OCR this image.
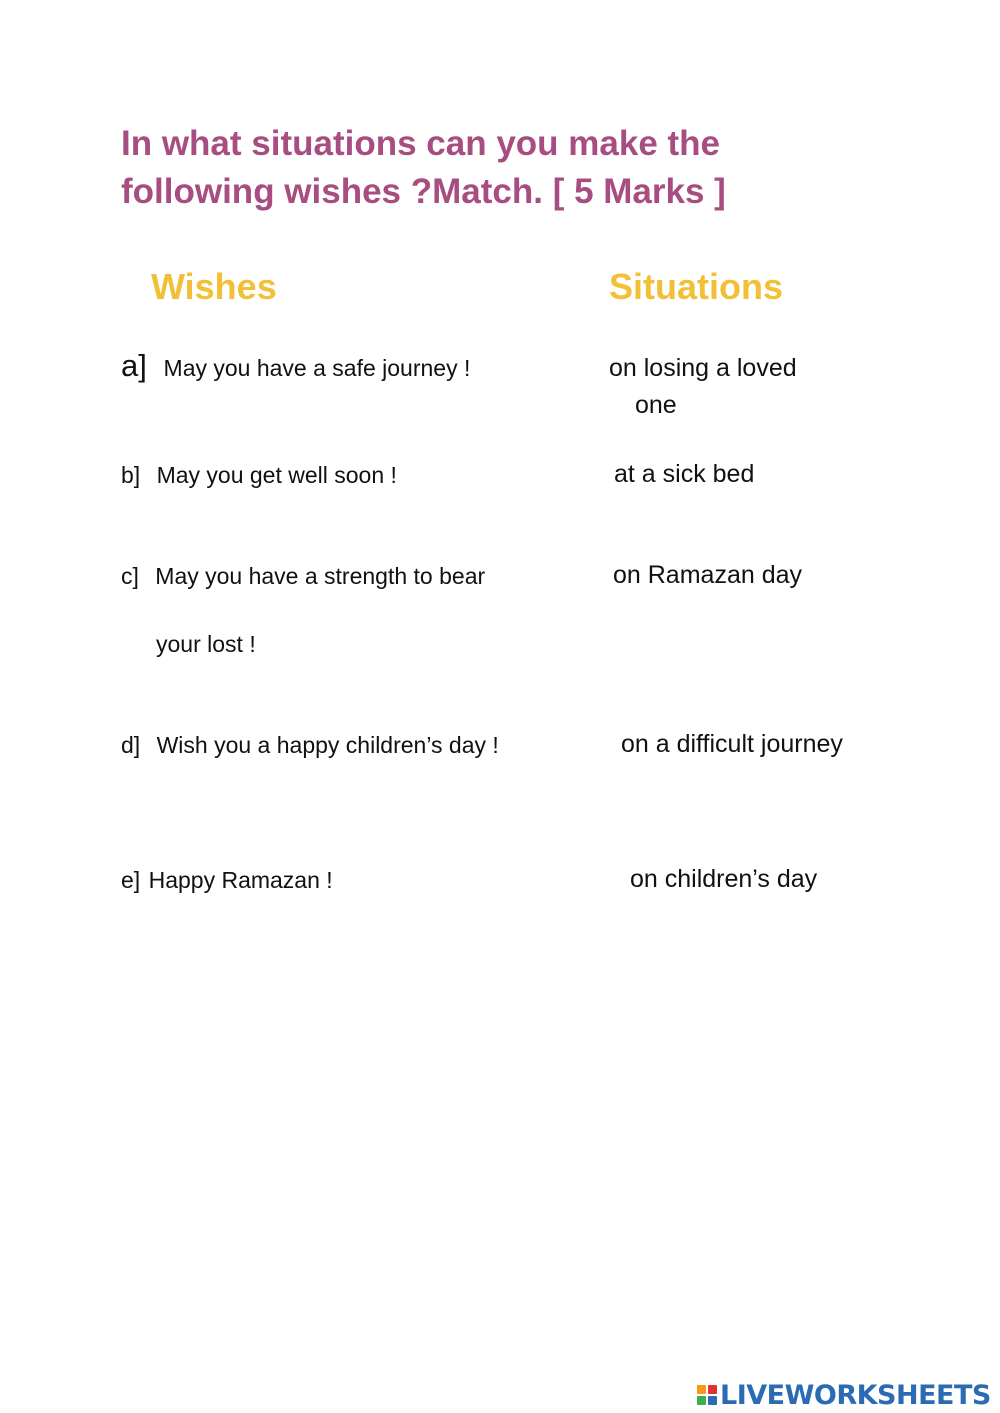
In what situations can you make the
following wishes ?Match. [ 5 Marks ]
Wishes	Situations
a] May you have a safe journey !
b] May you get well soon !
c] May you have a strength to bear
your lost !
d] Wish you a happy children’s day !
e] Happy Ramazan !
on losing a loved
one
at a sick bed
on Ramazan day
on a difficult journey
on children’s day
LIVEWORKSHEETS
